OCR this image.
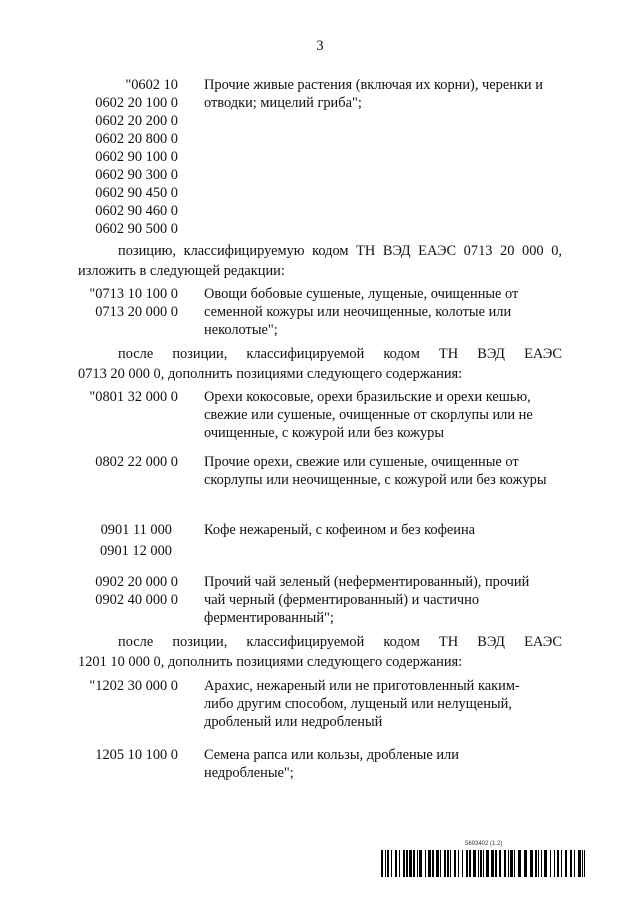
3
"0602 10
0602 20 100 0
0602 20 200 0
0602 20 800 0
0602 90 100 0
0602 90 300 0
0602 90 450 0
0602 90 460 0
0602 90 500 0
Прочие живые растения (включая их корни), черенки и отводки; мицелий гриба";
позицию, классифицируемую кодом ТН ВЭД ЕАЭС 0713 20 000 0,
изложить в следующей редакции:
"0713 10 100 0
0713 20 000 0
Овощи бобовые сушеные, лущеные, очищенные от семенной кожуры или неочищенные, колотые или неколотые";
после позиции, классифицируемой кодом ТН ВЭД ЕАЭС
0713 20 000 0, дополнить позициями следующего содержания:
"0801 32 000 0 Орехи кокосовые, орехи бразильские и орехи кешью, свежие или сушеные, очищенные от скорлупы или не очищенные, с кожурой или без кожуры
0802 22 000 0 Прочие орехи, свежие или сушеные, очищенные от скорлупы или неочищенные, с кожурой или без кожуры
0901 11 000
0901 12 000
Кофе нежареный, с кофеином и без кофеина
0902 20 000 0
0902 40 000 0
Прочий чай зеленый (неферментированный), прочий чай черный (ферментированный) и частично ферментированный";
после позиции, классифицируемой кодом ТН ВЭД ЕАЭС
1201 10 000 0, дополнить позициями следующего содержания:
"1202 30 000 0 Арахис, нежареный или не приготовленный каким-либо другим способом, лущеный или нелущеный, дробленый или недробленый
1205 10 100 0 Семена рапса или кользы, дробленые или недробленые";
5693402 (1.2)
